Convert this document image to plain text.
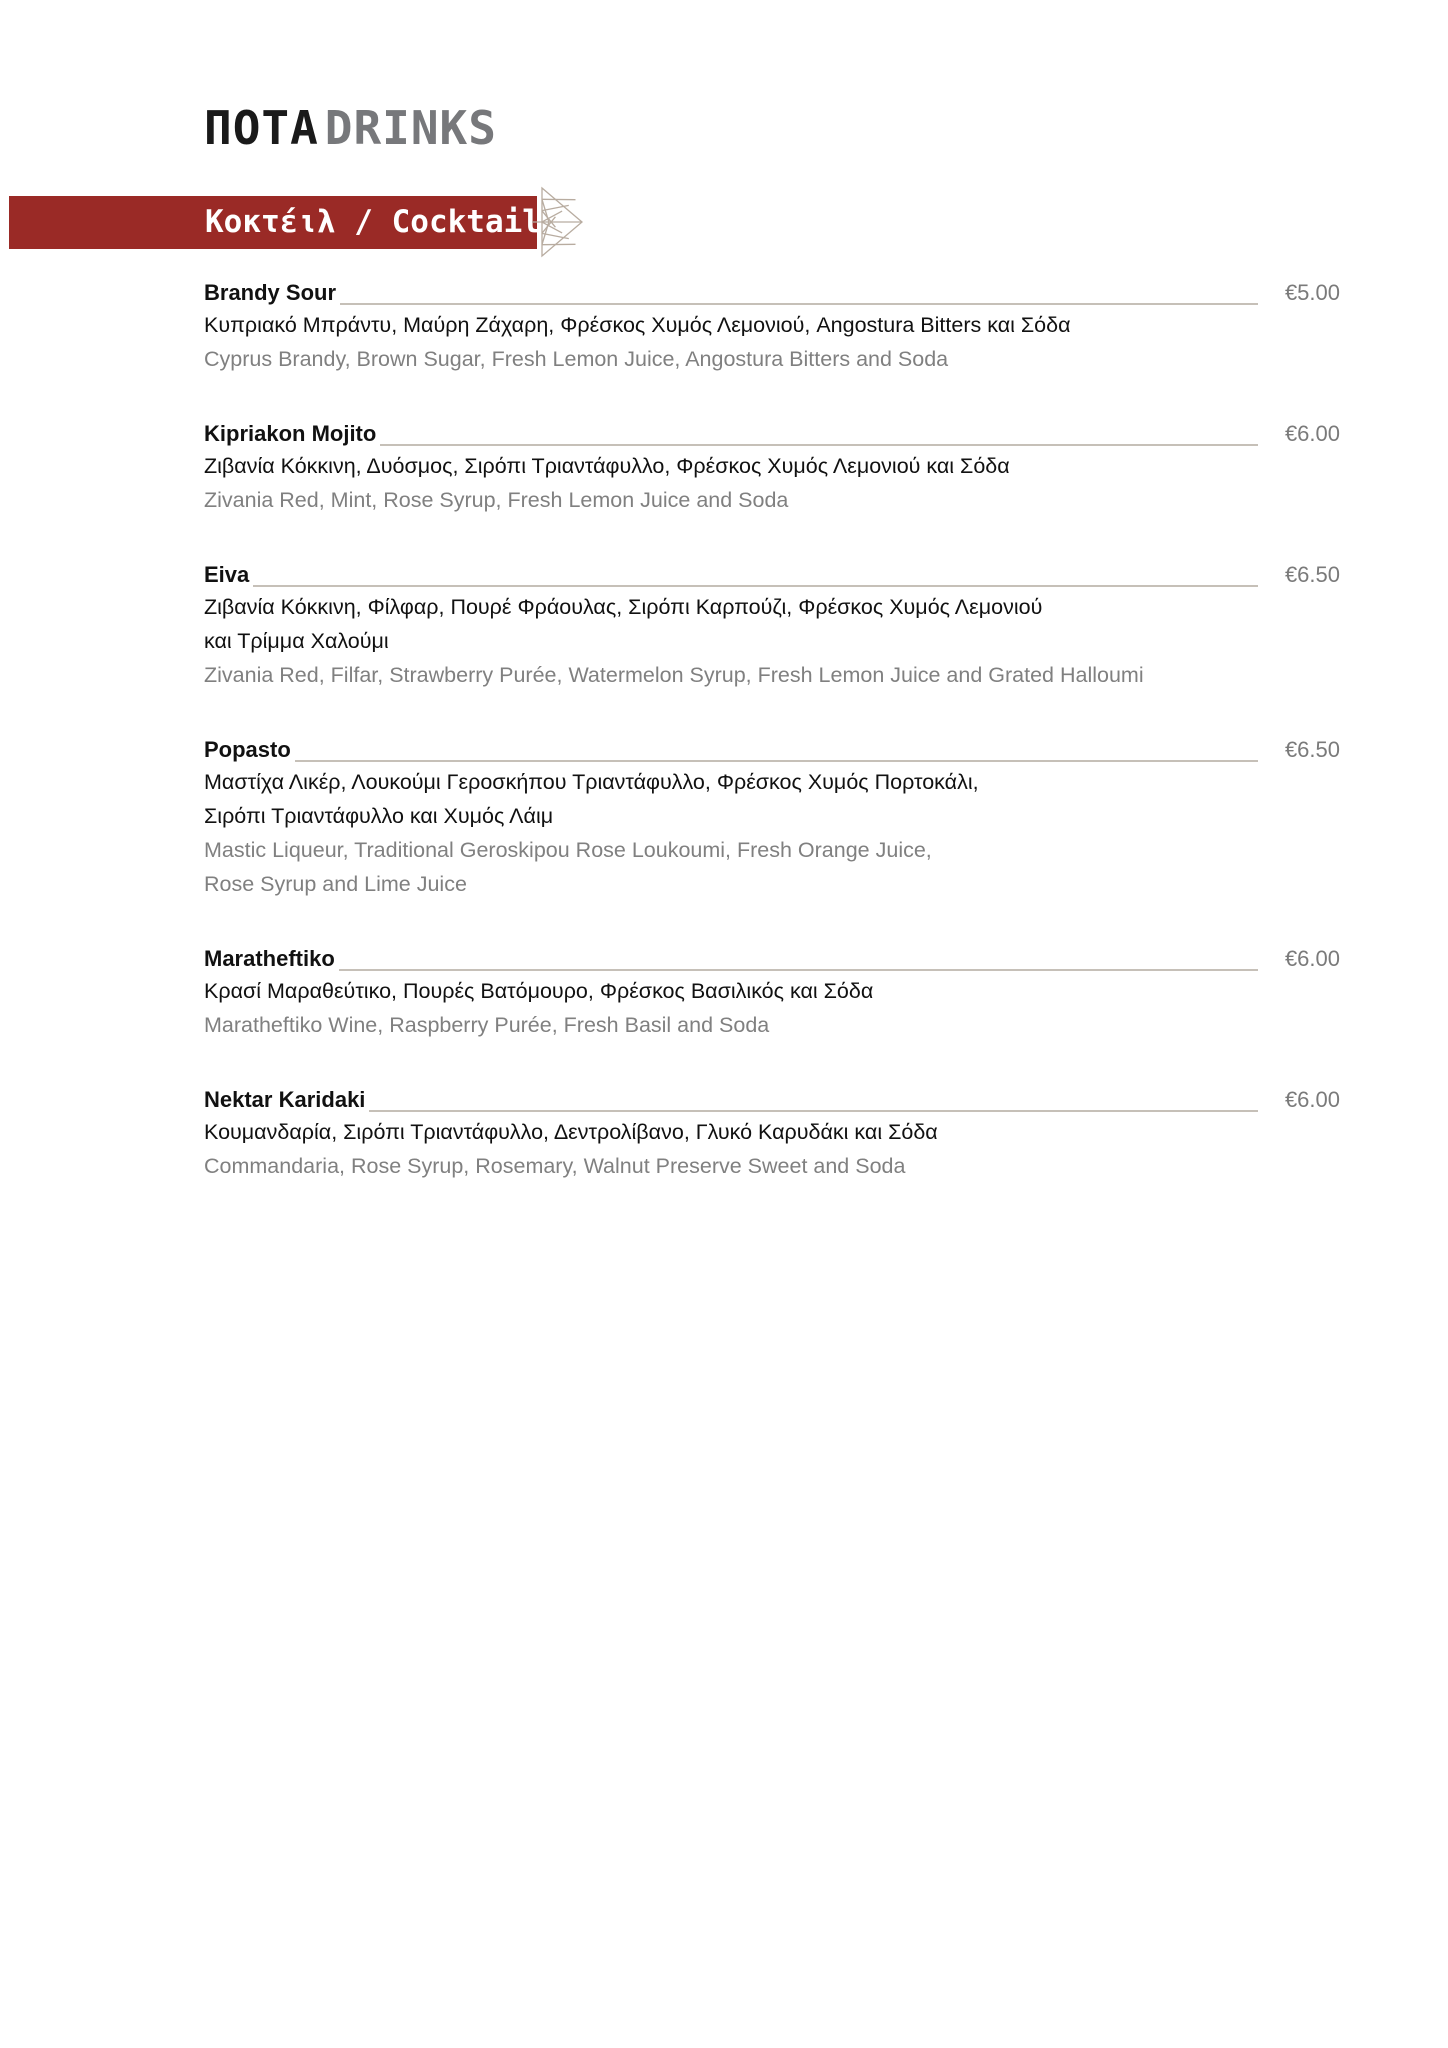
ΠΟΤΑ DRINKS
Κοκτέιλ / Cocktails
Brandy Sour	€5.00
Κυπριακό Μπράντυ, Μαύρη Ζάχαρη, Φρέσκος Χυμός Λεμονιού, Angostura Bitters και Σόδα
Cyprus Brandy, Brown Sugar, Fresh Lemon Juice, Angostura Bitters and Soda
Kipriakon Mojito	€6.00
Ζιβανία Κόκκινη, Δυόσμος, Σιρόπι Τριαντάφυλλο, Φρέσκος Χυμός Λεμονιού και Σόδα
Zivania Red, Mint, Rose Syrup, Fresh Lemon Juice and Soda
Eiva	€6.50
Ζιβανία Κόκκινη, Φίλφαρ, Πουρέ Φράουλας, Σιρόπι Καρπούζι, Φρέσκος Χυμός Λεμονιού
και Τρίμμα Χαλούμι
Zivania Red, Filfar, Strawberry Purée, Watermelon Syrup, Fresh Lemon Juice and Grated Halloumi
Popasto	€6.50
Μαστίχα Λικέρ, Λουκούμι Γεροσκήπου Τριαντάφυλλο, Φρέσκος Χυμός Πορτοκάλι,
Σιρόπι Τριαντάφυλλο και Χυμός Λάιμ
Mastic Liqueur, Traditional Geroskipou Rose Loukoumi, Fresh Orange Juice,
Rose Syrup and Lime Juice
Maratheftiko	€6.00
Κρασί Μαραθεύτικο, Πουρές Βατόμουρο, Φρέσκος Βασιλικός και Σόδα
Maratheftiko Wine, Raspberry Purée, Fresh Basil and Soda
Nektar Karidaki	€6.00
Κουμανδαρία, Σιρόπι Τριαντάφυλλο, Δεντρολίβανο, Γλυκό Καρυδάκι και Σόδα
Commandaria, Rose Syrup, Rosemary, Walnut Preserve Sweet and Soda
